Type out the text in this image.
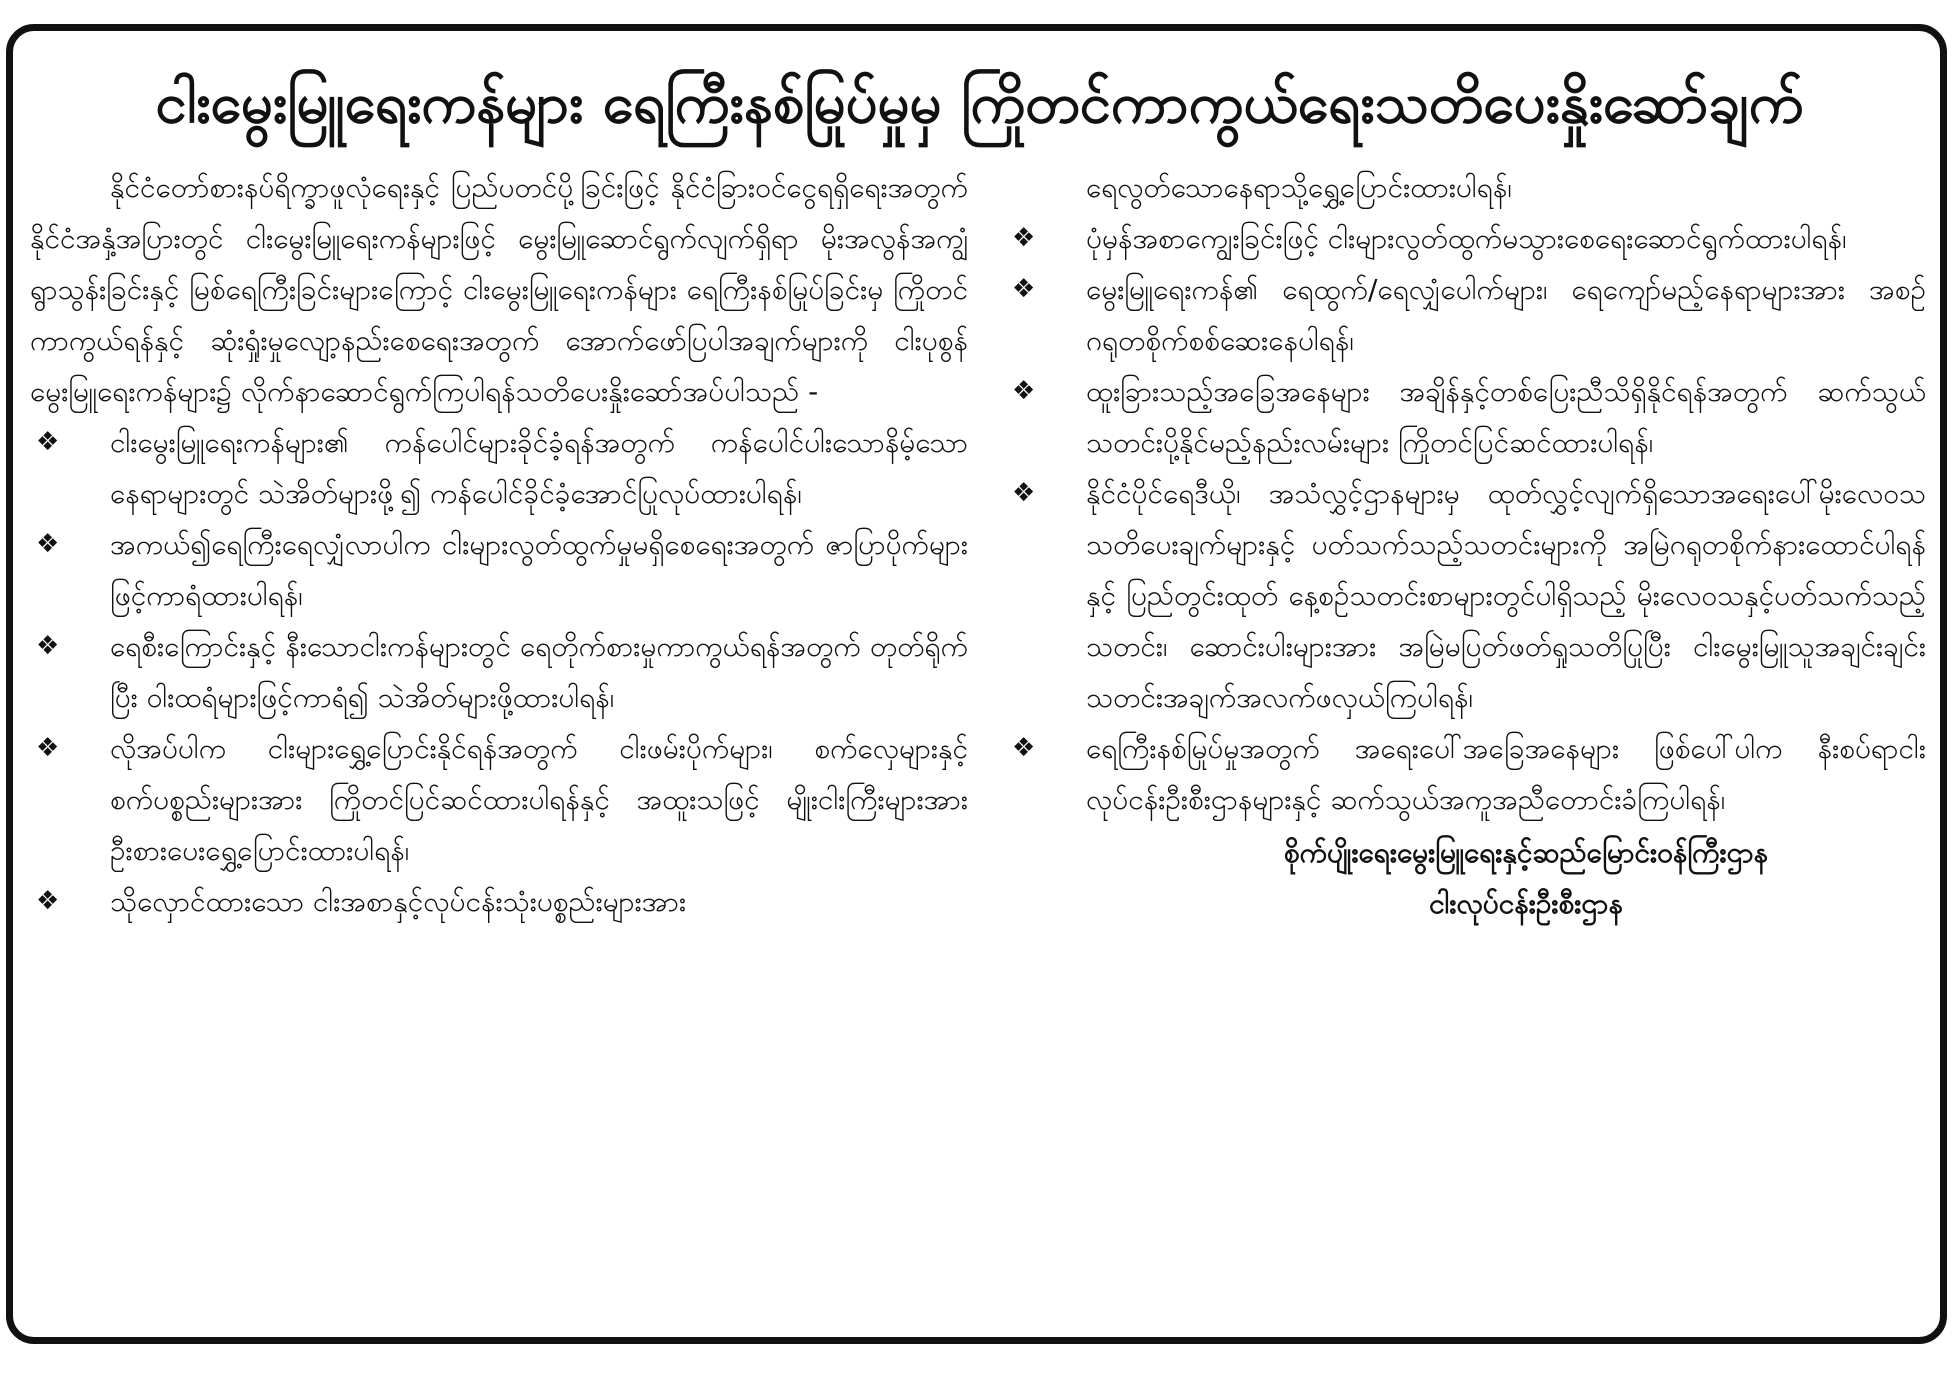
ငါးမွေးမြူရေးကန်များ ရေကြီးနစ်မြုပ်မှုမှ ကြိုတင်ကာကွယ်ရေးသတိပေးနှိုးဆော်ချက်

နိုင်ငံတော်စားနပ်ရိက္ခာဖူလုံရေးနှင့် ပြည်ပတင်ပို့ခြင်းဖြင့် နိုင်ငံခြားဝင်ငွေရရှိရေးအတွက် နိုင်ငံအနှံ့အပြားတွင် ငါးမွေးမြူရေးကန်များဖြင့် မွေးမြူဆောင်ရွက်လျက်ရှိရာ မိုးအလွန်အကျွံရွာသွန်းခြင်းနှင့် မြစ်ရေကြီးခြင်းများကြောင့် ငါးမွေးမြူရေးကန်များ ရေကြီးနစ်မြုပ်ခြင်းမှ ကြိုတင်ကာကွယ်ရန်နှင့် ဆုံးရှုံးမှုလျော့နည်းစေရေးအတွက် အောက်ဖော်ပြပါအချက်များကို ငါးပုစွန်မွေးမြူရေးကန်များ၌ လိုက်နာဆောင်ရွက်ကြပါရန်သတိပေးနှိုးဆော်အပ်ပါသည် -

❖ ငါးမွေးမြူရေးကန်များ၏ ကန်ပေါင်များခိုင်ခံ့ရန်အတွက် ကန်ပေါင်ပါးသောနိမ့်သောနေရာများတွင် သဲအိတ်များဖို့၍ ကန်ပေါင်ခိုင်ခံ့အောင်ပြုလုပ်ထားပါရန်၊
❖ အကယ်၍ရေကြီးရေလျှံလာပါက ငါးများလွတ်ထွက်မှုမရှိစေရေးအတွက် ဇာပြာပိုက်များဖြင့်ကာရံထားပါရန်၊
❖ ရေစီးကြောင်းနှင့် နီးသောငါးကန်များတွင် ရေတိုက်စားမှုကာကွယ်ရန်အတွက် တုတ်ရိုက်ပြီး ဝါးထရံများဖြင့်ကာရံ၍ သဲအိတ်များဖို့ထားပါရန်၊
❖ လိုအပ်ပါက ငါးများရွှေ့ပြောင်းနိုင်ရန်အတွက် ငါးဖမ်းပိုက်များ၊ စက်လှေများနှင့် စက်ပစ္စည်းများအား ကြိုတင်ပြင်ဆင်ထားပါရန်နှင့် အထူးသဖြင့် မျိုးငါးကြီးများအား ဦးစားပေးရွှေ့ပြောင်းထားပါရန်၊
❖ သိုလှောင်ထားသော ငါးအစာနှင့်လုပ်ငန်းသုံးပစ္စည်းများအား
ရေလွတ်သောနေရာသို့ရွှေ့ပြောင်းထားပါရန်၊
❖ ပုံမှန်အစာကျွေးခြင်းဖြင့် ငါးများလွတ်ထွက်မသွားစေရေးဆောင်ရွက်ထားပါရန်၊
❖ မွေးမြူရေးကန်၏ ရေထွက်/ရေလျှံပေါက်များ၊ ရေကျော်မည့်နေရာများအား အစဉ်ဂရုတစိုက်စစ်ဆေးနေပါရန်၊
❖ ထူးခြားသည့်အခြေအနေများ အချိန်နှင့်တစ်ပြေးညီသိရှိနိုင်ရန်အတွက် ဆက်သွယ်သတင်းပို့နိုင်မည့်နည်းလမ်းများ ကြိုတင်ပြင်ဆင်ထားပါရန်၊
❖ နိုင်ငံပိုင်ရေဒီယို၊ အသံလွှင့်ဌာနများမှ ထုတ်လွှင့်လျက်ရှိသောအရေးပေါ်မိုးလေဝသသတိပေးချက်များနှင့် ပတ်သက်သည့်သတင်းများကို အမြဲဂရုတစိုက်နားထောင်ပါရန်နှင့် ပြည်တွင်းထုတ် နေ့စဉ်သတင်းစာများတွင်ပါရှိသည့် မိုးလေဝသနှင့်ပတ်သက်သည့် သတင်း၊ ဆောင်းပါးများအား အမြဲမပြတ်ဖတ်ရှုသတိပြုပြီး ငါးမွေးမြူသူအချင်းချင်း သတင်းအချက်အလက်ဖလှယ်ကြပါရန်၊
❖ ရေကြီးနစ်မြုပ်မှုအတွက် အရေးပေါ်အခြေအနေများ ဖြစ်ပေါ်ပါက နီးစပ်ရာငါးလုပ်ငန်းဦးစီးဌာနများနှင့် ဆက်သွယ်အကူအညီတောင်းခံကြပါရန်၊
စိုက်ပျိုးရေးမွေးမြူရေးနှင့်ဆည်မြောင်းဝန်ကြီးဌာန
ငါးလုပ်ငန်းဦးစီးဌာန
